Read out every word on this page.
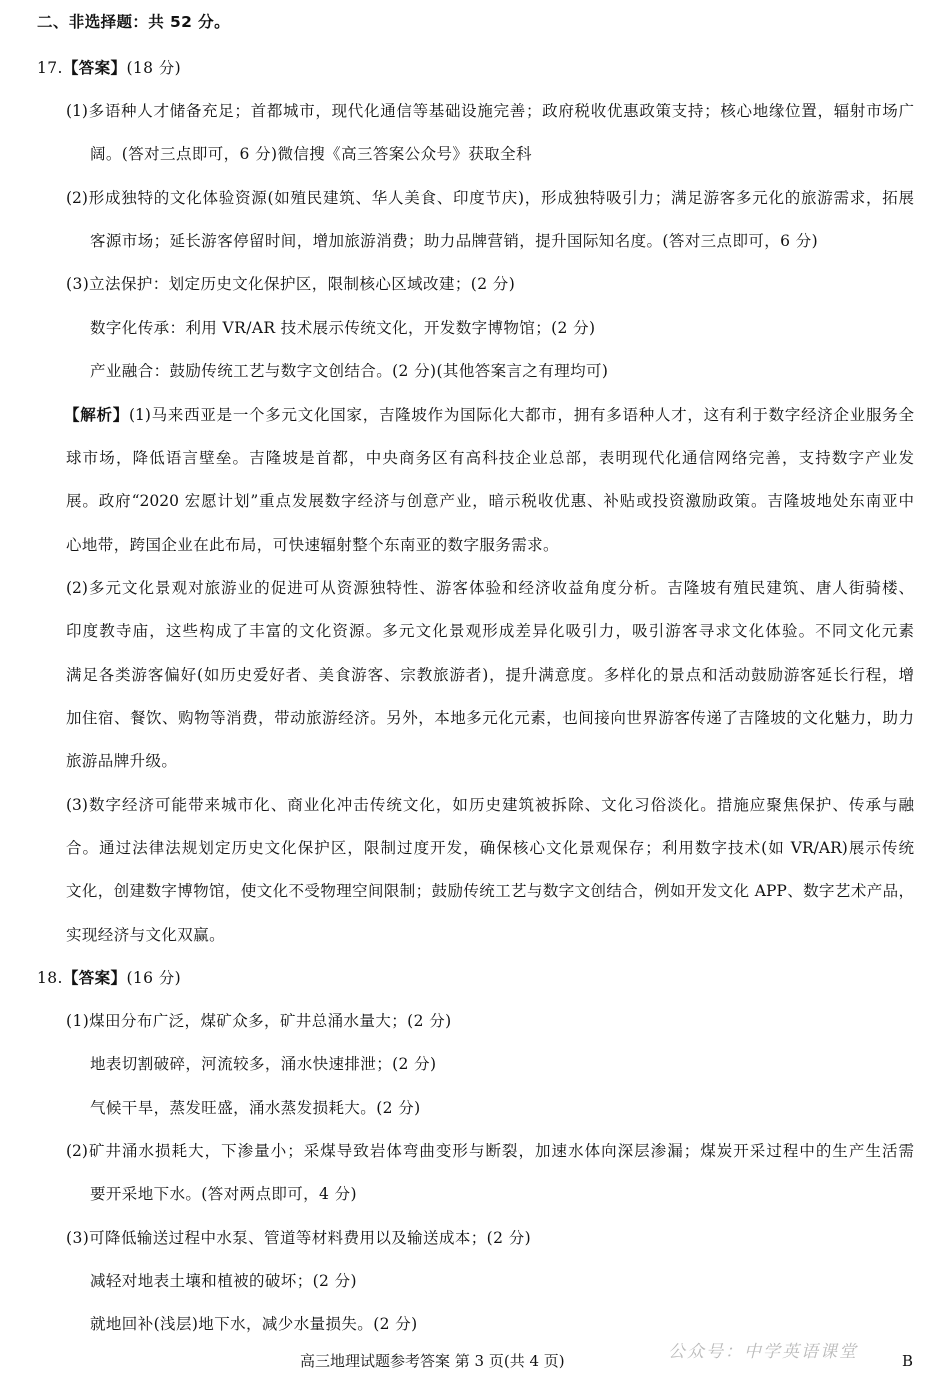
二、非选择题：共 52 分。
17.【答案】(18 分)
(1)多语种人才储备充足；首都城市，现代化通信等基础设施完善；政府税收优惠政策支持；核心地缘位置，辐射市场广
阔。(答对三点即可，6 分)微信搜《高三答案公众号》获取全科
(2)形成独特的文化体验资源(如殖民建筑、华人美食、印度节庆)，形成独特吸引力；满足游客多元化的旅游需求，拓展
客源市场；延长游客停留时间，增加旅游消费；助力品牌营销，提升国际知名度。(答对三点即可，6 分)
(3)立法保护：划定历史文化保护区，限制核心区域改建；(2 分)
数字化传承：利用 VR/AR 技术展示传统文化，开发数字博物馆；(2 分)
产业融合：鼓励传统工艺与数字文创结合。(2 分)(其他答案言之有理均可)
【解析】(1)马来西亚是一个多元文化国家，吉隆坡作为国际化大都市，拥有多语种人才，这有利于数字经济企业服务全
球市场，降低语言壁垒。吉隆坡是首都，中央商务区有高科技企业总部，表明现代化通信网络完善，支持数字产业发
展。政府“2020 宏愿计划”重点发展数字经济与创意产业，暗示税收优惠、补贴或投资激励政策。吉隆坡地处东南亚中
心地带，跨国企业在此布局，可快速辐射整个东南亚的数字服务需求。
(2)多元文化景观对旅游业的促进可从资源独特性、游客体验和经济收益角度分析。吉隆坡有殖民建筑、唐人街骑楼、
印度教寺庙，这些构成了丰富的文化资源。多元文化景观形成差异化吸引力，吸引游客寻求文化体验。不同文化元素
满足各类游客偏好(如历史爱好者、美食游客、宗教旅游者)，提升满意度。多样化的景点和活动鼓励游客延长行程，增
加住宿、餐饮、购物等消费，带动旅游经济。另外，本地多元化元素，也间接向世界游客传递了吉隆坡的文化魅力，助力
旅游品牌升级。
(3)数字经济可能带来城市化、商业化冲击传统文化，如历史建筑被拆除、文化习俗淡化。措施应聚焦保护、传承与融
合。通过法律法规划定历史文化保护区，限制过度开发，确保核心文化景观保存；利用数字技术(如 VR/AR)展示传统
文化，创建数字博物馆，使文化不受物理空间限制；鼓励传统工艺与数字文创结合，例如开发文化 APP、数字艺术产品，
实现经济与文化双赢。
18.【答案】(16 分)
(1)煤田分布广泛，煤矿众多，矿井总涌水量大；(2 分)
地表切割破碎，河流较多，涌水快速排泄；(2 分)
气候干旱，蒸发旺盛，涌水蒸发损耗大。(2 分)
(2)矿井涌水损耗大，下渗量小；采煤导致岩体弯曲变形与断裂，加速水体向深层渗漏；煤炭开采过程中的生产生活需
要开采地下水。(答对两点即可，4 分)
(3)可降低输送过程中水泵、管道等材料费用以及输送成本；(2 分)
减轻对地表土壤和植被的破坏；(2 分)
就地回补(浅层)地下水，减少水量损失。(2 分)
公众号：中学英语课堂
高三地理试题参考答案 第 3 页(共 4 页)	B
